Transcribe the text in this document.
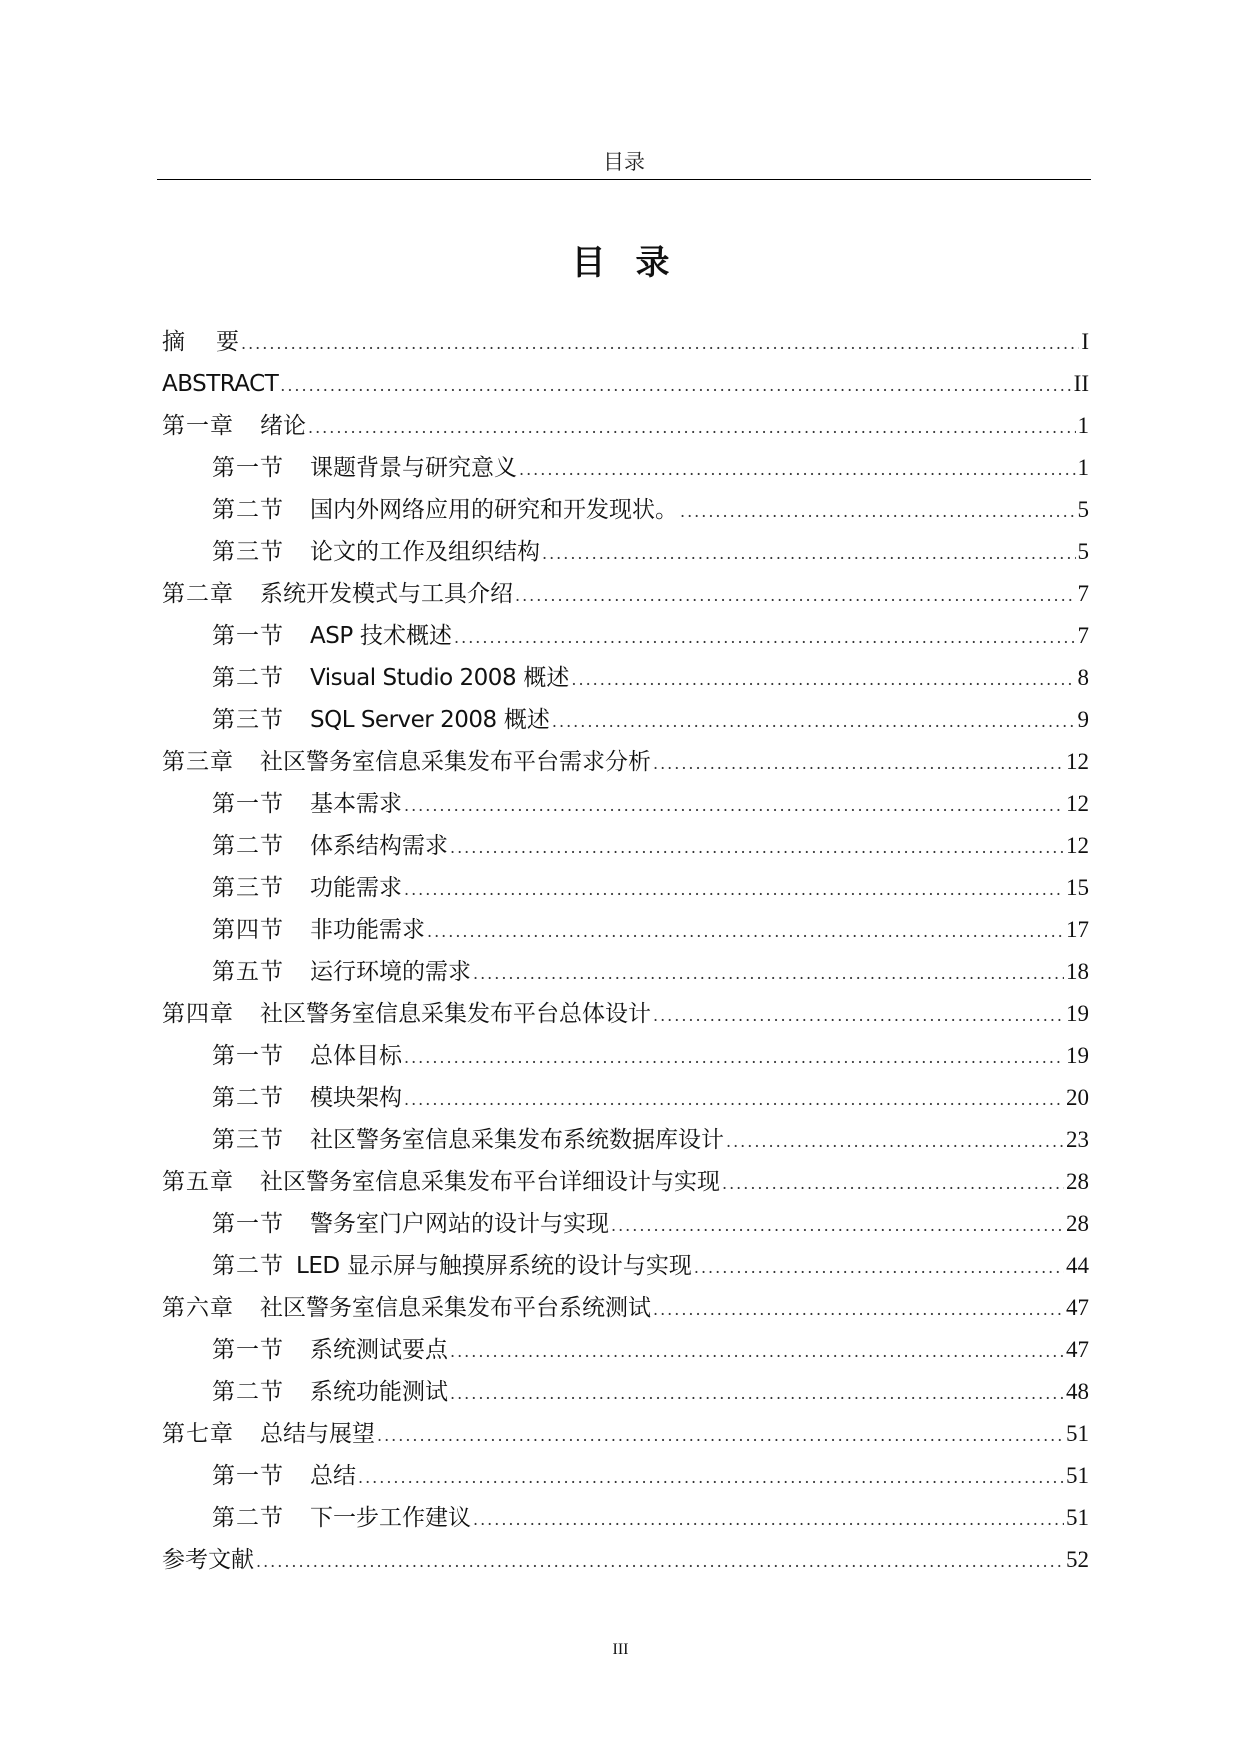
目录
目录
摘 要 .....	I
ABSTRACT .....	II
第一章 绪论 .....	1
第一节 课题背景与研究意义 .....	1
第二节 国内外网络应用的研究和开发现状。 .....	5
第三节 论文的工作及组织结构 .....	5
第二章 系统开发模式与工具介绍 .....	7
第一节 ASP 技术概述 .....	7
第二节 Visual Studio 2008 概述 .....	8
第三节 SQL Server 2008 概述 .....	9
第三章 社区警务室信息采集发布平台需求分析 .....	12
第一节 基本需求 .....	12
第二节 体系结构需求 .....	12
第三节 功能需求 .....	15
第四节 非功能需求 .....	17
第五节 运行环境的需求 .....	18
第四章 社区警务室信息采集发布平台总体设计 .....	19
第一节 总体目标 .....	19
第二节 模块架构 .....	20
第三节 社区警务室信息采集发布系统数据库设计 .....	23
第五章 社区警务室信息采集发布平台详细设计与实现 .....	28
第一节 警务室门户网站的设计与实现 .....	28
第二节 LED 显示屏与触摸屏系统的设计与实现 .....	44
第六章 社区警务室信息采集发布平台系统测试 .....	47
第一节 系统测试要点 .....	47
第二节 系统功能测试 .....	48
第七章 总结与展望 .....	51
第一节 总结 .....	51
第二节 下一步工作建议 .....	51
参考文献 .....	52
III
